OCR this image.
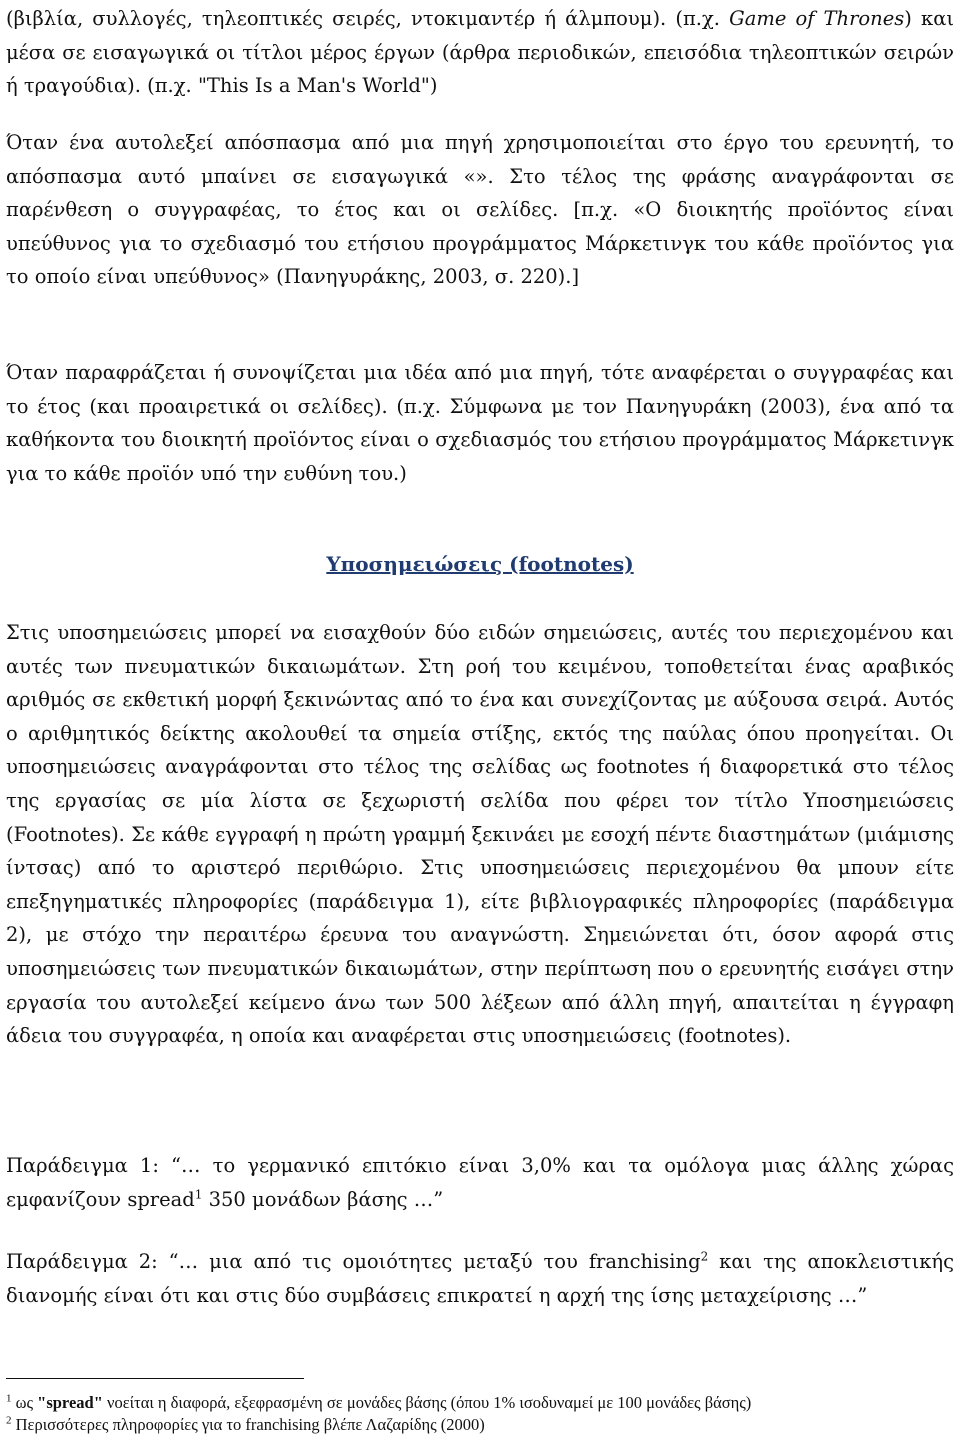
(βιβλία, συλλογές, τηλεοπτικές σειρές, ντοκιμαντέρ ή άλμπουμ). (π.χ. Game of Thrones) και μέσα σε εισαγωγικά οι τίτλοι μέρος έργων (άρθρα περιοδικών, επεισόδια τηλεοπτικών σειρών ή τραγούδια). (π.χ. "This Is a Man's World")

Όταν ένα αυτολεξεί απόσπασμα από μια πηγή χρησιμοποιείται στο έργο του ερευνητή, το απόσπασμα αυτό μπαίνει σε εισαγωγικά «». Στο τέλος της φράσης αναγράφονται σε παρένθεση ο συγγραφέας, το έτος και οι σελίδες. [π.χ. «Ο διοικητής προϊόντος είναι υπεύθυνος για το σχεδιασμό του ετήσιου προγράμματος Μάρκετινγκ του κάθε προϊόντος για το οποίο είναι υπεύθυνος» (Πανηγυράκης, 2003, σ. 220).]

Όταν παραφράζεται ή συνοψίζεται μια ιδέα από μια πηγή, τότε αναφέρεται ο συγγραφέας και το έτος (και προαιρετικά οι σελίδες). (π.χ. Σύμφωνα με τον Πανηγυράκη (2003), ένα από τα καθήκοντα του διοικητή προϊόντος είναι ο σχεδιασμός του ετήσιου προγράμματος Μάρκετινγκ για το κάθε προϊόν υπό την ευθύνη του.)

Υποσημειώσεις (footnotes)

Στις υποσημειώσεις μπορεί να εισαχθούν δύο ειδών σημειώσεις, αυτές του περιεχομένου και αυτές των πνευματικών δικαιωμάτων. Στη ροή του κειμένου, τοποθετείται ένας αραβικός αριθμός σε εκθετική μορφή ξεκινώντας από το ένα και συνεχίζοντας με αύξουσα σειρά. Αυτός ο αριθμητικός δείκτης ακολουθεί τα σημεία στίξης, εκτός της παύλας όπου προηγείται. Οι υποσημειώσεις αναγράφονται στο τέλος της σελίδας ως footnotes ή διαφορετικά στο τέλος της εργασίας σε μία λίστα σε ξεχωριστή σελίδα που φέρει τον τίτλο Υποσημειώσεις (Footnotes). Σε κάθε εγγραφή η πρώτη γραμμή ξεκινάει με εσοχή πέντε διαστημάτων (μιάμισης ίντσας) από το αριστερό περιθώριο. Στις υποσημειώσεις περιεχομένου θα μπουν είτε επεξηγηματικές πληροφορίες (παράδειγμα 1), είτε βιβλιογραφικές πληροφορίες (παράδειγμα 2), με στόχο την περαιτέρω έρευνα του αναγνώστη. Σημειώνεται ότι, όσον αφορά στις υποσημειώσεις των πνευματικών δικαιωμάτων, στην περίπτωση που ο ερευνητής εισάγει στην εργασία του αυτολεξεί κείμενο άνω των 500 λέξεων από άλλη πηγή, απαιτείται η έγγραφη άδεια του συγγραφέα, η οποία και αναφέρεται στις υποσημειώσεις (footnotes).

Παράδειγμα 1: “… το γερμανικό επιτόκιο είναι 3,0% και τα ομόλογα μιας άλλης χώρας εμφανίζουν spread$^1$ 350 μονάδων βάσης …”

Παράδειγμα 2: “… μια από τις ομοιότητες μεταξύ του franchising$^2$ και της αποκλειστικής διανομής είναι ότι και στις δύο συμβάσεις επικρατεί η αρχή της ίσης μεταχείρισης …”

$^1$ ως "spread" νοείται η διαφορά, εξεφρασμένη σε μονάδες βάσης (όπου 1% ισοδυναμεί με 100 μονάδες βάσης)

$^2$ Περισσότερες πληροφορίες για το franchising βλέπε Λαζαρίδης (2000)
